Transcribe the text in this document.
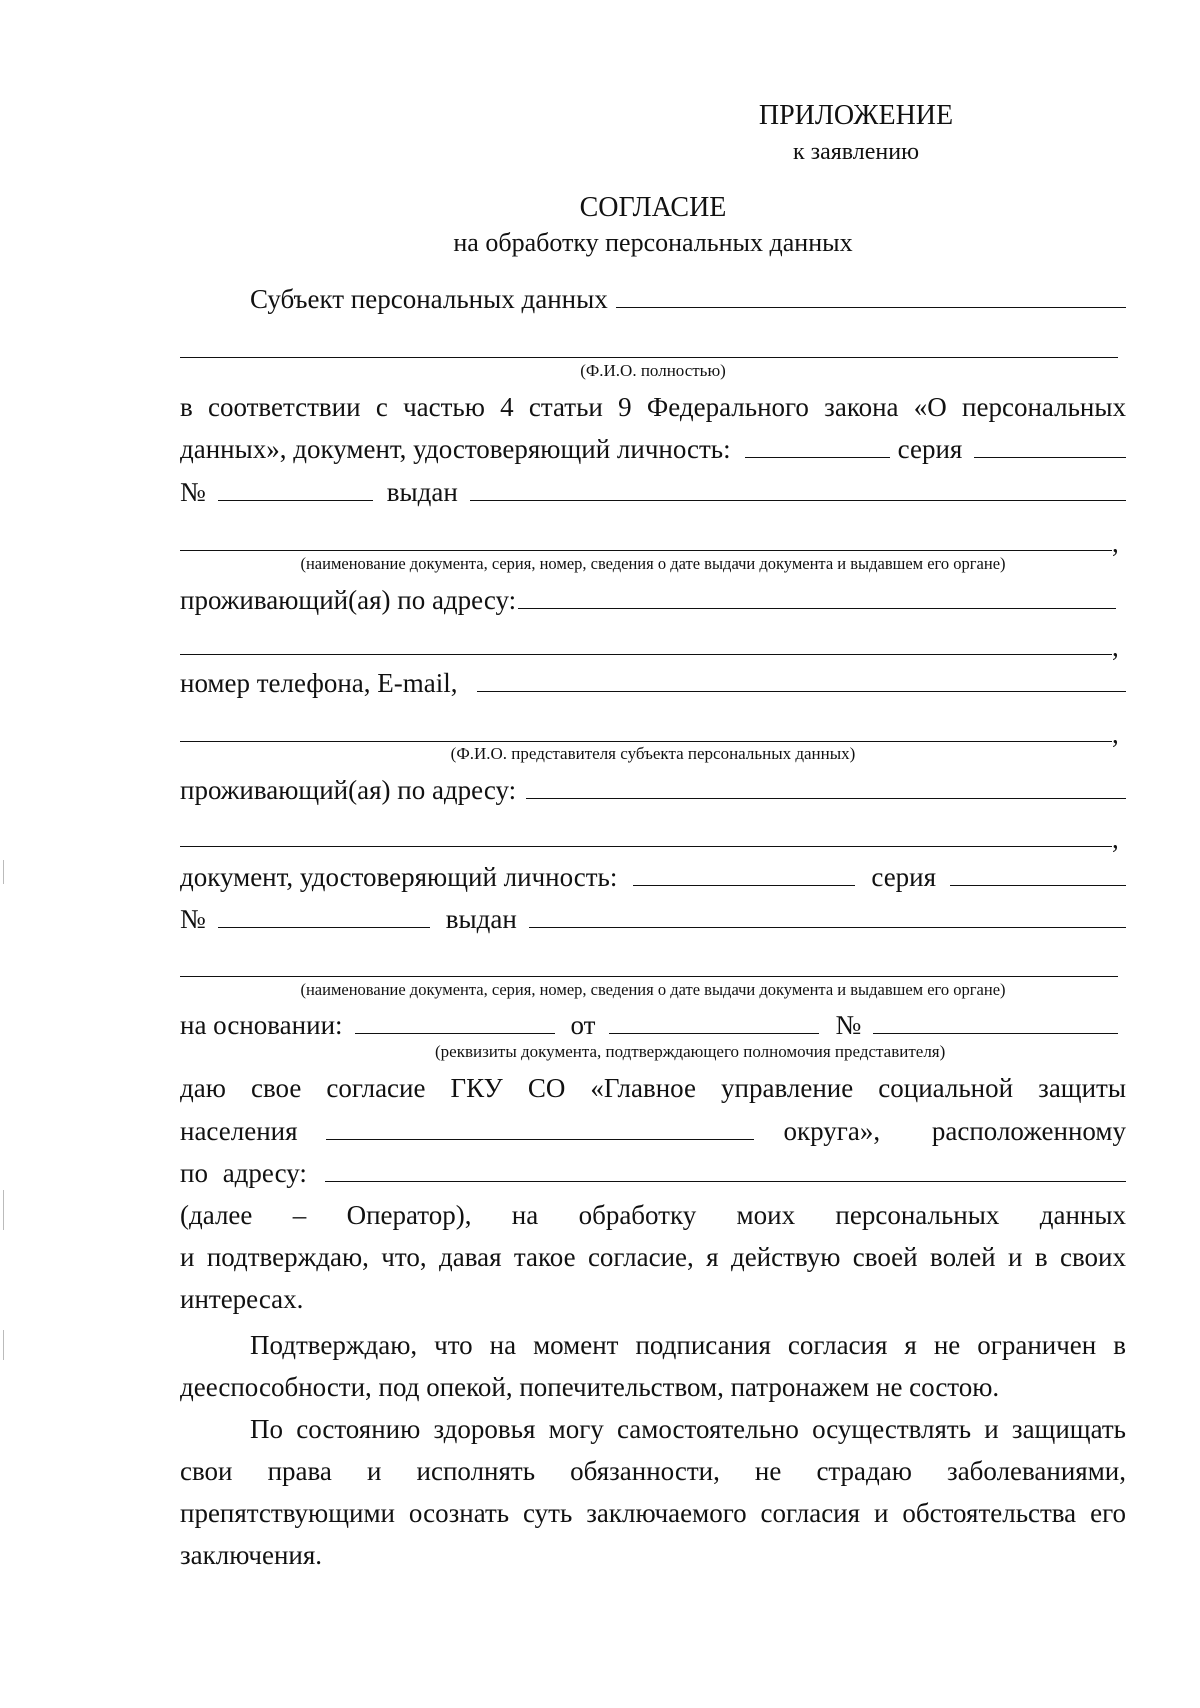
ПРИЛОЖЕНИЕ
к заявлению
СОГЛАСИЕ
на обработку персональных данных
Субъект персональных данных
(Ф.И.О. полностью)
в соответствии с частью 4 статьи 9 Федерального закона «О персональных
данных», документ, удостоверяющий личность:	серия
№	выдан
,
(наименование документа, серия, номер, сведения о дате выдачи документа и выдавшем его органе)
проживающий(ая) по адресу:
,
номер телефона, E-mail,
,
(Ф.И.О. представителя субъекта персональных данных)
проживающий(ая) по адресу:
,
документ, удостоверяющий личность:	серия
№	выдан
(наименование документа, серия, номер, сведения о дате выдачи документа и выдавшем его органе)
на основании:	от	№
(реквизиты документа, подтверждающего полномочия представителя)
даю свое согласие ГКУ СО «Главное управление социальной защиты
населения	округа», расположенному
по адресу:
(далее – Оператор), на обработку моих персональных данных
и подтверждаю, что, давая такое согласие, я действую своей волей и в своих интересах.
Подтверждаю, что на момент подписания согласия я не ограничен в дееспособности, под опекой, попечительством, патронажем не состою.
По состоянию здоровья могу самостоятельно осуществлять и защищать свои права и исполнять обязанности, не страдаю заболеваниями, препятствующими осознать суть заключаемого согласия и обстоятельства его заключения.
